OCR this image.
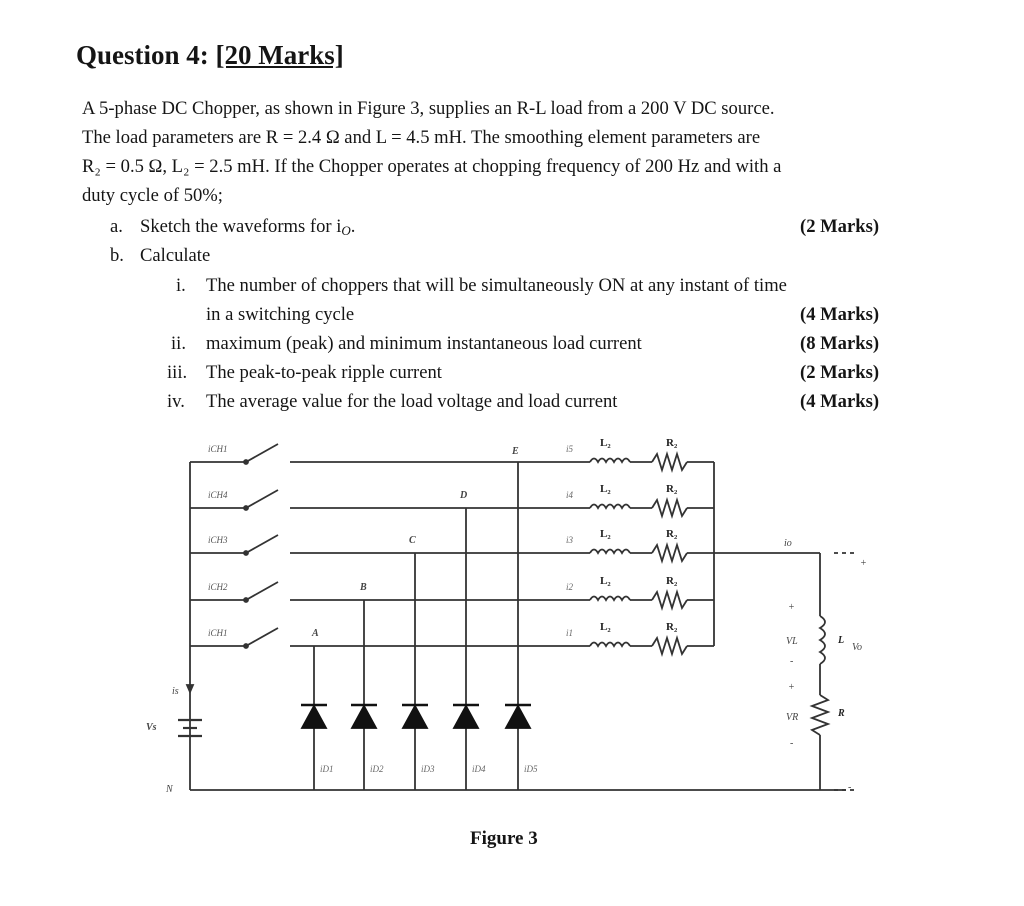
Question 4: [20 Marks]
A 5-phase DC Chopper, as shown in Figure 3, supplies an R-L load from a 200 V DC source.
The load parameters are R = 2.4 Ω and L = 4.5 mH. The smoothing element parameters are
R₂ = 0.5 Ω, L₂ = 2.5 mH. If the Chopper operates at chopping frequency of 200 Hz and with a
duty cycle of 50%;
a. Sketch the waveforms for iO.	(2 Marks)
b. Calculate
i. The number of choppers that will be simultaneously ON at any instant of time
in a switching cycle	(4 Marks)
ii. maximum (peak) and minimum instantaneous load current	(8 Marks)
iii. The peak-to-peak ripple current	(2 Marks)
iv. The average value for the load voltage and load current	(4 Marks)
iCH1
iCH4
iCH3
iCH2
iCH1
E
D
C
B
A
i5
i4
i3
i2
i1
L₂	R₂
L₂	R₂
L₂	R₂
L₂	R₂
L₂	R₂
iD1	iD2	iD3	iD4	iD5
is
Vs
N
io
VL
VR
L
R
Vo
+
+
+
-
-
-
Figure 3
